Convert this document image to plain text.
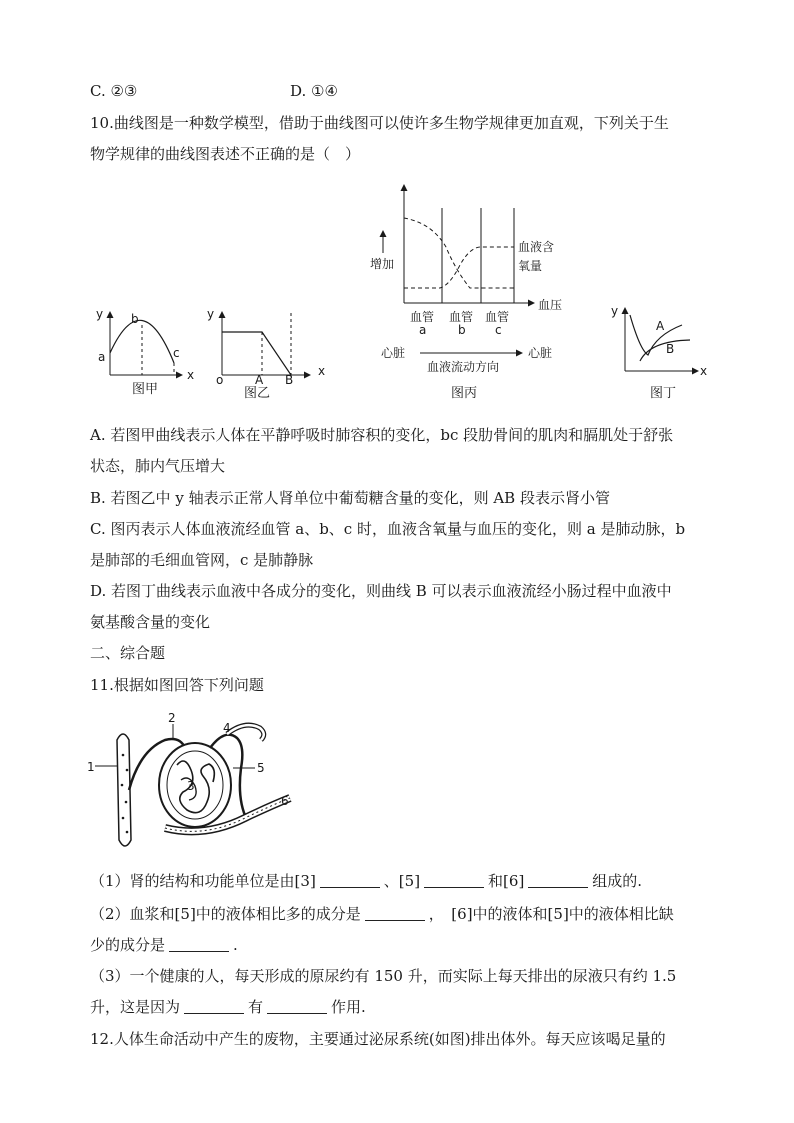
C. ②③	D. ①④
10.曲线图是一种数学模型，借助于曲线图可以使许多生物学规律更加直观，下列关于生
物学规律的曲线图表述不正确的是（　）
y
x
a
b
c
图甲
y
x
o	A B
图乙
增加
血液含
氧量
血压
血管 血管 血管
a	b c
心脏	心脏
血液流动方向
图丙
y
x
A
B
图丁
A. 若图甲曲线表示人体在平静呼吸时肺容积的变化，bc 段肋骨间的肌肉和膈肌处于舒张
状态，肺内气压增大
B. 若图乙中 y 轴表示正常人肾单位中葡萄糖含量的变化，则 AB 段表示肾小管
C. 图丙表示人体血液流经血管 a、b、c 时，血液含氧量与血压的变化，则 a 是肺动脉，b
是肺部的毛细血管网，c 是肺静脉
D. 若图丁曲线表示血液中各成分的变化，则曲线 B 可以表示血液流经小肠过程中血液中
氨基酸含量的变化
二、综合题
11.根据如图回答下列问题
1
2
3
4
5
6
（1）肾的结构和功能单位是由[3]	、[5]	和[6]	组成的.
（2）血浆和[5]中的液体相比多的成分是	，　[6]中的液体和[5]中的液体相比缺
少的成分是	.
（3）一个健康的人，每天形成的原尿约有 150 升，而实际上每天排出的尿液只有约 1.5
升，这是因为	有	作用.
12.人体生命活动中产生的废物，主要通过泌尿系统(如图)排出体外。每天应该喝足量的
